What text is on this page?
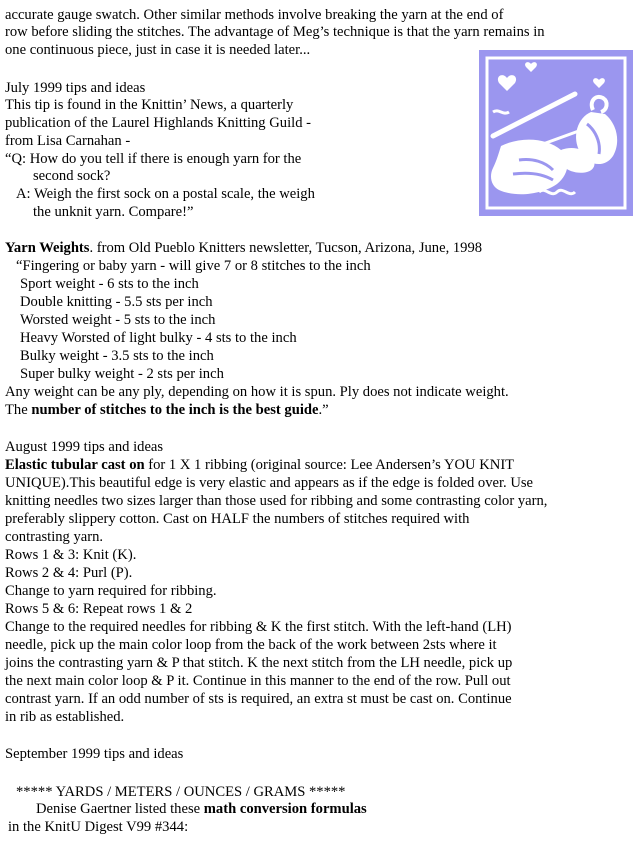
accurate gauge swatch. Other similar methods involve breaking the yarn at the end of
row before sliding the stitches. The advantage of Meg’s technique is that the yarn remains in
one continuous piece, just in case it is needed later...
July 1999 tips and ideas
This tip is found in the Knittin’ News, a quarterly
publication of the Laurel Highlands Knitting Guild -
from Lisa Carnahan -
“Q: How do you tell if there is enough yarn for the
second sock?
A: Weigh the first sock on a postal scale, the weigh
the unknit yarn. Compare!”
Yarn Weights. from Old Pueblo Knitters newsletter, Tucson, Arizona, June, 1998
“Fingering or baby yarn - will give 7 or 8 stitches to the inch
Sport weight - 6 sts to the inch
Double knitting - 5.5 sts per inch
Worsted weight - 5 sts to the inch
Heavy Worsted of light bulky - 4 sts to the inch
Bulky weight - 3.5 sts to the inch
Super bulky weight - 2 sts per inch
Any weight can be any ply, depending on how it is spun. Ply does not indicate weight.
The number of stitches to the inch is the best guide.”
August 1999 tips and ideas
Elastic tubular cast on for 1 X 1 ribbing (original source: Lee Andersen’s YOU KNIT
UNIQUE).This beautiful edge is very elastic and appears as if the edge is folded over. Use
knitting needles two sizes larger than those used for ribbing and some contrasting color yarn,
preferably slippery cotton. Cast on HALF the numbers of stitches required with
contrasting yarn.
Rows 1 & 3: Knit (K).
Rows 2 & 4: Purl (P).
Change to yarn required for ribbing.
Rows 5 & 6: Repeat rows 1 & 2
Change to the required needles for ribbing & K the first stitch. With the left-hand (LH)
needle, pick up the main color loop from the back of the work between 2sts where it
joins the contrasting yarn & P that stitch. K the next stitch from the LH needle, pick up
the next main color loop & P it. Continue in this manner to the end of the row. Pull out
contrast yarn. If an odd number of sts is required, an extra st must be cast on. Continue
in rib as established.
September 1999 tips and ideas
***** YARDS / METERS / OUNCES / GRAMS *****
Denise Gaertner listed these math conversion formulas
in the KnitU Digest V99 #344:
